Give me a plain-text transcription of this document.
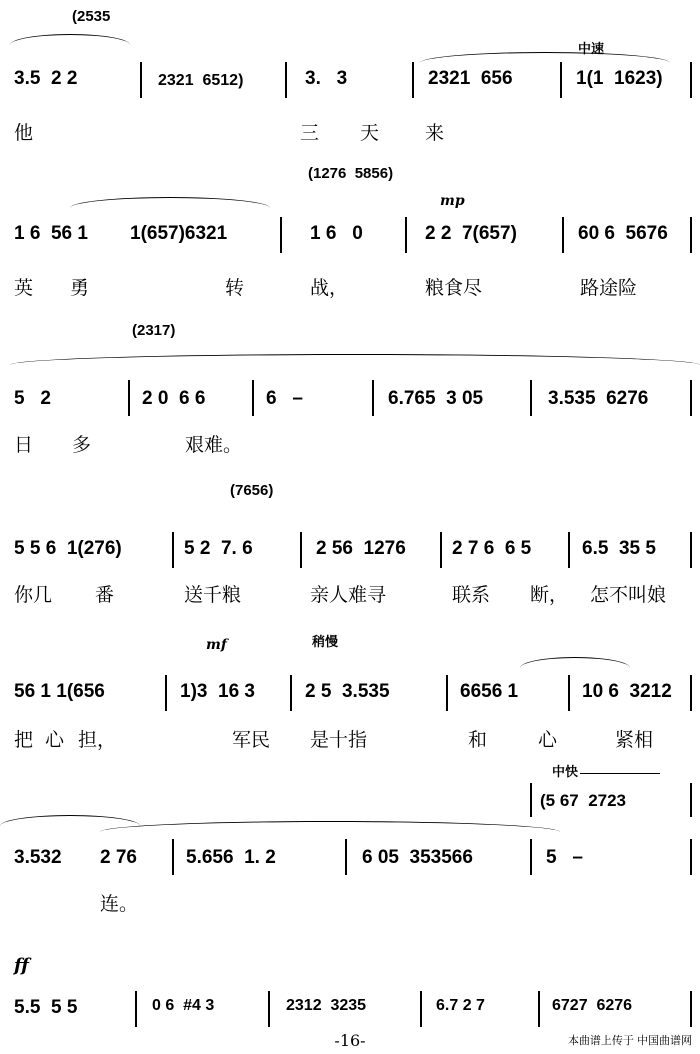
(2535
中速
3.5  2 2	2321  6512)	3.   3	2321  656	1(1  1623)
他	三 天 来
(1276  5856)
mp
1 6  56 1	1(657)6321	1 6   0	2 2  7(657)	60 6  5676
英 勇	转	战，	粮食尽	路途险
(2317)
5   2	2 0  6 6	6   –	6.765  3 05	3.535  6276
日 多	艰难。
(7656)
5 5 6  1(276)	5 2  7. 6	2 56  1276	2 7 6  6 5	6.5  35 5
你几 番	送千粮	亲人难寻	联系 断， 怎不叫娘
mf	稍慢
56 1 1(656	1)3  16 3	2 5  3.535	6656 1	10 6  3212
把 心 担，	军民 是十指	和	心	紧相
中快
(5 67  2723
3.532	2 76	5.656  1. 2	6 05  353566	5   –
连。
ff
5.5  5 5	0 6  #4 3	2312  3235	6.7 2 7	6727  6276
本曲谱上传于 中国曲谱网
-16-
